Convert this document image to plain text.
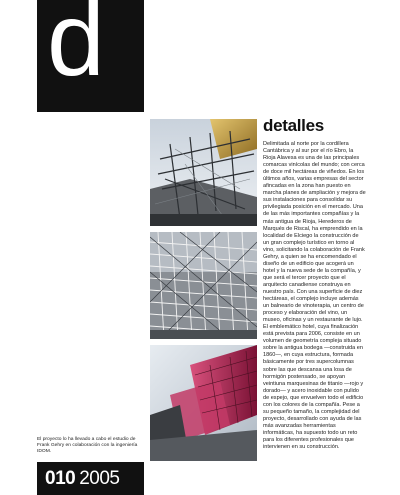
d
detalles

Delimitada al norte por la cordillera Cantábrica y al sur por el río Ebro, la Rioja Alavesa es una de las principales comarcas vinícolas del mundo; con cerca de doce mil hectáreas de viñedos. En los últimos años, varias empresas del sector afincadas en la zona han puesto en marcha planes de ampliación y mejora de sus instalaciones para consolidar su privilegiada posición en el mercado. Una de las más importantes compañías y la más antigua de Rioja, Herederos de Marqués de Riscal, ha emprendido en la localidad de Elciego la construcción de un gran complejo turístico en torno al vino, solicitando la colaboración de Frank Gehry, a quien se ha encomendado el diseño de un edificio que acogerá un hotel y la nueva sede de la compañía, y que será el tercer proyecto que el arquitecto canadiense construya en nuestro país. Con una superficie de diez hectáreas, el complejo incluye además un balneario de vinoterapia, un centro de proceso y elaboración del vino, un museo, oficinas y un restaurante de lujo. El emblemático hotel, cuya finalización está prevista para 2006, consiste en un volumen de geometría compleja situado sobre la antigua bodega —construida en 1860—, en cuya estructura, formada básicamente por tres supercolumnas sobre las que descansa una losa de hormigón postensado, se apoyan veintiuna marquesinas de titanio —rojo y dorado— y acero inoxidable con pulido de espejo, que envuelven todo el edificio con los colores de la compañía. Pese a su pequeño tamaño, la complejidad del proyecto, desarrollado con ayuda de las más avanzadas herramientas informáticas, ha supuesto todo un reto para los diferentes profesionales que intervienen en su construcción.

El proyecto lo ha llevado a cabo el estudio de Frank Gehry en colaboración con la ingeniería IDOM.

010 2005
